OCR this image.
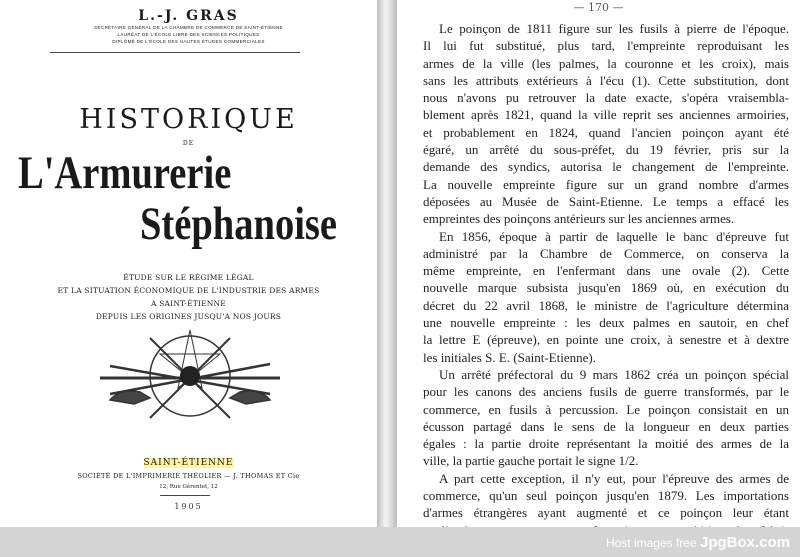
L.-J. GRAS
SECRÉTAIRE GÉNÉRAL DE LA CHAMBRE DE COMMERCE DE SAINT-ÉTIENNE
LAURÉAT DE L'ÉCOLE LIBRE DES SCIENCES POLITIQUES
DIPLÔMÉ DE L'ÉCOLE DES HAUTES ÉTUDES COMMERCIALES
HISTORIQUE
DE
L'Armurerie
Stéphanoise
ÉTUDE SUR LE RÉGIME LÉGAL
ET LA SITUATION ÉCONOMIQUE DE L'INDUSTRIE DES ARMES
A SAINT-ÉTIENNE
DEPUIS LES ORIGINES JUSQU'A NOS JOURS
SAINT-ÉTIENNE
SOCIÉTÉ DE L'IMPRIMERIE THÉOLIER — J. THOMAS ET Cie
12, Rue Gérentet, 12
1905
— 170 —
Le poinçon de 1811 figure sur les fusils à pierre de l'époque.
Il lui fut substitué, plus tard, l'empreinte reproduisant les
armes de la ville (les palmes, la couronne et les croix), mais
sans les attributs extérieurs à l'écu (1). Cette substitution, dont
nous n'avons pu retrouver la date exacte, s'opéra vraisembla-
blement après 1821, quand la ville reprit ses anciennes armoiries,
et probablement en 1824, quand l'ancien poinçon ayant été
égaré, un arrêté du sous-préfet, du 19 février, pris sur la
demande des syndics, autorisa le changement de l'empreinte.
La nouvelle empreinte figure sur un grand nombre d'armes
déposées au Musée de Saint-Etienne. Le temps a effacé les
empreintes des poinçons antérieurs sur les anciennes armes.
En 1856, époque à partir de laquelle le banc d'épreuve fut
administré par la Chambre de Commerce, on conserva la
même empreinte, en l'enfermant dans une ovale (2). Cette
nouvelle marque subsista jusqu'en 1869 où, en exécution du
décret du 22 avril 1868, le ministre de l'agriculture détermina
une nouvelle empreinte : les deux palmes en sautoir, en chef
la lettre E (épreuve), en pointe une croix, à senestre et à dextre
les initiales S. E. (Saint-Etienne).
Un arrêté préfectoral du 9 mars 1862 créa un poinçon spécial
pour les canons des anciens fusils de guerre transformés, par le
commerce, en fusils à percussion. Le poinçon consistait en un
écusson partagé dans le sens de la longueur en deux parties
égales : la partie droite représentant la moitié des armes de la
ville, la partie gauche portait le signe 1/2.
A part cette exception, il n'y eut, pour l'épreuve des armes de
commerce, qu'un seul poinçon jusqu'en 1879. Les importations
d'armes étrangères ayant augmenté et ce poinçon leur étant
Host images free JpgBox.com
